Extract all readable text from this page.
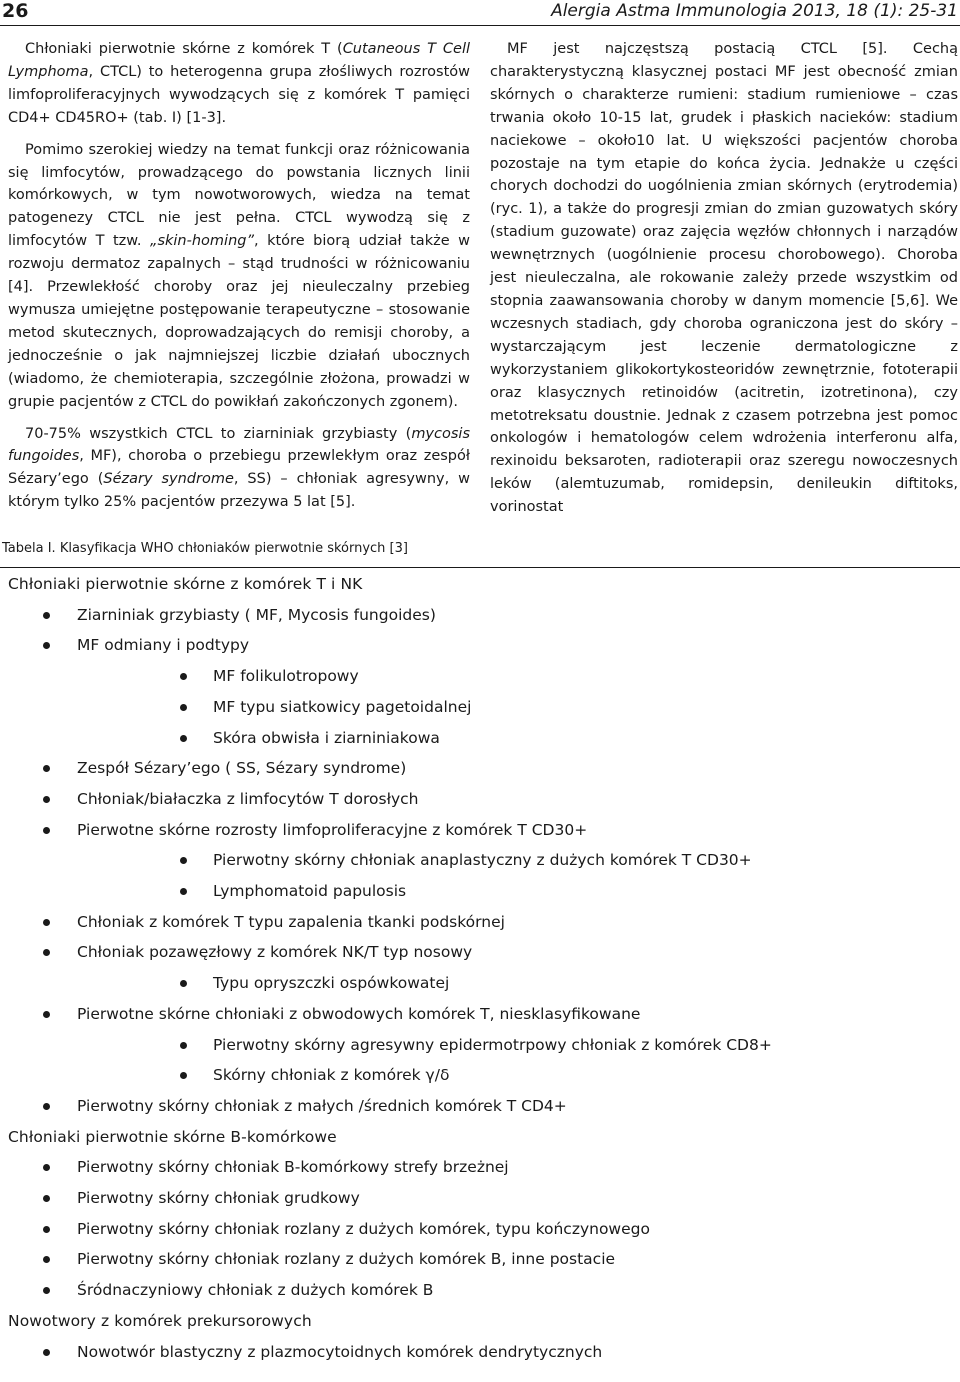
26	Alergia Astma Immunologia 2013, 18 (1): 25-31

Chłoniaki pierwotnie skórne z komórek T (Cutaneous T Cell Lymphoma, CTCL) to heterogenna grupa złośliwych rozrostów limfoproliferacyjnych wywodzących się z komórek T pamięci CD4+ CD45RO+ (tab. I) [1-3].

Pomimo szerokiej wiedzy na temat funkcji oraz różnicowania się limfocytów, prowadzącego do powstania licznych linii komórkowych, w tym nowotworowych, wiedza na temat patogenezy CTCL nie jest pełna. CTCL wywodzą się z limfocytów T tzw. „skin-homing”, które biorą udział także w rozwoju dermatoz zapalnych – stąd trudności w różnicowaniu [4]. Przewlekłość choroby oraz jej nieuleczalny przebieg wymusza umiejętne postępowanie terapeutyczne – stosowanie metod skutecznych, doprowadzających do remisji choroby, a jednocześnie o jak najmniejszej liczbie działań ubocznych (wiadomo, że chemioterapia, szczególnie złożona, prowadzi w grupie pacjentów z CTCL do powikłań zakończonych zgonem).

70-75% wszystkich CTCL to ziarniniak grzybiasty (mycosis fungoides, MF), choroba o przebiegu przewlekłym oraz zespół Sézary’ego (Sézary syndrome, SS) – chłoniak agresywny, w którym tylko 25% pacjentów przezywa 5 lat [5].

MF jest najczęstszą postacią CTCL [5]. Cechą charakterystyczną klasycznej postaci MF jest obecność zmian skórnych o charakterze rumieni: stadium rumieniowe – czas trwania około 10-15 lat, grudek i płaskich nacieków: stadium naciekowe – około10 lat. U większości pacjentów choroba pozostaje na tym etapie do końca życia. Jednakże u części chorych dochodzi do uogólnienia zmian skórnych (erytrodemia) (ryc. 1), a także do progresji zmian do zmian guzowatych skóry (stadium guzowate) oraz zajęcia węzłów chłonnych i narządów wewnętrznych (uogólnienie procesu chorobowego). Choroba jest nieuleczalna, ale rokowanie zależy przede wszystkim od stopnia zaawansowania choroby w danym momencie [5,6]. We wczesnych stadiach, gdy choroba ograniczona jest do skóry – wystarczającym jest leczenie dermatologiczne z wykorzystaniem glikokortykosteoridów zewnętrznie, fototerapii oraz klasycznych retinoidów (acitretin, izotretinona), czy metotreksatu doustnie. Jednak z czasem potrzebna jest pomoc onkologów i hematologów celem wdrożenia interferonu alfa, rexinoidu beksaroten, radioterapii oraz szeregu nowoczesnych leków (alemtuzumab, romidepsin, denileukin diftitoks, vorinostat

Tabela I. Klasyfikacja WHO chłoniaków pierwotnie skórnych [3]
Chłoniaki pierwotnie skórne z komórek T i NK
Ziarniniak grzybiasty ( MF, Mycosis fungoides)
MF odmiany i podtypy
MF folikulotropowy
MF typu siatkowicy pagetoidalnej
Skóra obwisła i ziarniniakowa
Zespół Sézary’ego ( SS, Sézary syndrome)
Chłoniak/białaczka z limfocytów T dorosłych
Pierwotne skórne rozrosty limfoproliferacyjne z komórek T CD30+
Pierwotny skórny chłoniak anaplastyczny z dużych komórek T CD30+
Lymphomatoid papulosis
Chłoniak z komórek T typu zapalenia tkanki podskórnej
Chłoniak pozawęzłowy z komórek NK/T typ nosowy
Typu opryszczki ospówkowatej
Pierwotne skórne chłoniaki z obwodowych komórek T, niesklasyfikowane
Pierwotny skórny agresywny epidermotrpowy chłoniak z komórek CD8+
Skórny chłoniak z komórek γ/δ
Pierwotny skórny chłoniak z małych /średnich komórek T CD4+
Chłoniaki pierwotnie skórne B-komórkowe
Pierwotny skórny chłoniak B-komórkowy strefy brzeżnej
Pierwotny skórny chłoniak grudkowy
Pierwotny skórny chłoniak rozlany z dużych komórek, typu kończynowego
Pierwotny skórny chłoniak rozlany z dużych komórek B, inne postacie
Śródnaczyniowy chłoniak z dużych komórek B
Nowotwory z komórek prekursorowych
Nowotwór blastyczny z plazmocytoidnych komórek dendrytycznych
